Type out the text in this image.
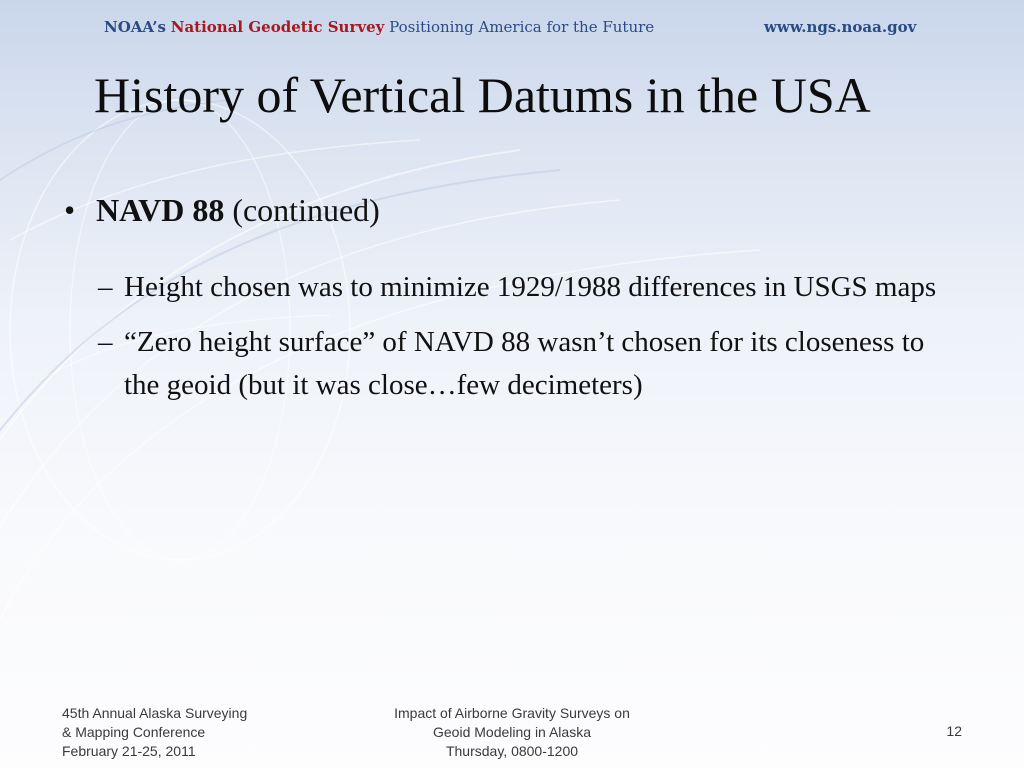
NOAA’s National Geodetic Survey Positioning America for the Future	www.ngs.noaa.gov
History of Vertical Datums in the USA
• NAVD 88 (continued)
– Height chosen was to minimize 1929/1988 differences in USGS maps
– “Zero height surface” of NAVD 88 wasn’t chosen for its closeness to the geoid (but it was close…few decimeters)
45th Annual Alaska Surveying
& Mapping Conference
February 21-25, 2011
Impact of Airborne Gravity Surveys on
Geoid Modeling in Alaska
Thursday, 0800-1200
12
